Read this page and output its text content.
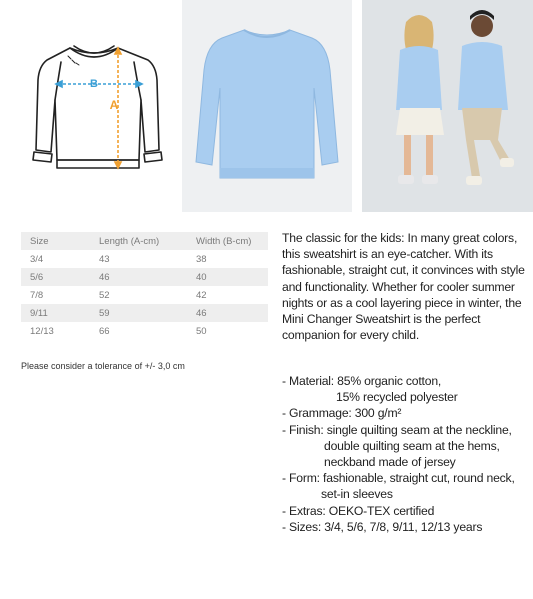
B
A
Size	Length (A-cm)	Width (B-cm)
3/4	43	38
5/6	46	40
7/8	52	42
9/11	59	46
12/13	66	50
Please consider a tolerance of +/- 3,0 cm
The classic for the kids: In many great colors, this sweatshirt is an eye-catcher. With its fashionable, straight cut, it convinces with style and functionality. Whether for cooler summer nights or as a cool layering piece in winter, the Mini Changer Sweatshirt is the perfect companion for every child.
- Material: 85% organic cotton,
15% recycled polyester
- Grammage: 300 g/m²
- Finish: single quilting seam at the neckline,
double quilting seam at the hems,
neckband made of jersey
- Form: fashionable, straight cut, round neck,
set-in sleeves
- Extras: OEKO-TEX certified
- Sizes: 3/4, 5/6, 7/8, 9/11, 12/13 years
